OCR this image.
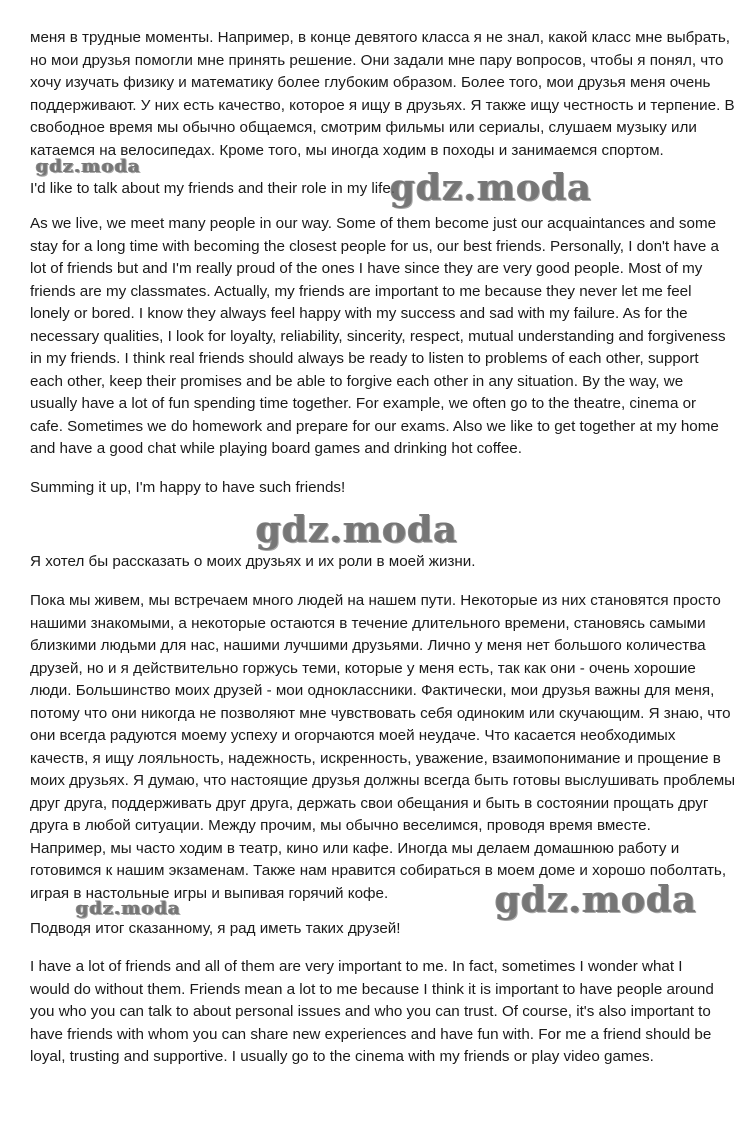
меня в трудные моменты. Например, в конце девятого класса я не знал, какой класс мне выбрать,
но мои друзья помогли мне принять решение. Они задали мне пару вопросов, чтобы я понял, что
хочу изучать физику и математику более глубоким образом. Более того, мои друзья меня очень
поддерживают. У них есть качество, которое я ищу в друзьях. Я также ищу честность и терпение. В
свободное время мы обычно общаемся, смотрим фильмы или сериалы, слушаем музыку или
катаемся на велосипедах. Кроме того, мы иногда ходим в походы и занимаемся спортом.

I'd like to talk about my friends and their role in my life.

As we live, we meet many people in our way. Some of them become just our acquaintances and some
stay for a long time with becoming the closest people for us, our best friends. Personally, I don't have a
lot of friends but and I'm really proud of the ones I have since they are very good people. Most of my
friends are my classmates. Actually, my friends are important to me because they never let me feel
lonely or bored. I know they always feel happy with my success and sad with my failure. As for the
necessary qualities, I look for loyalty, reliability, sincerity, respect, mutual understanding and forgiveness
in my friends. I think real friends should always be ready to listen to problems of each other, support
each other, keep their promises and be able to forgive each other in any situation. By the way, we
usually have a lot of fun spending time together. For example, we often go to the theatre, cinema or
cafe. Sometimes we do homework and prepare for our exams. Also we like to get together at my home
and have a good chat while playing board games and drinking hot coffee.

Summing it up, I'm happy to have such friends!

Я хотел бы рассказать о моих друзьях и их роли в моей жизни.

Пока мы живем, мы встречаем много людей на нашем пути. Некоторые из них становятся просто
нашими знакомыми, а некоторые остаются в течение длительного времени, становясь самыми
близкими людьми для нас, нашими лучшими друзьями. Лично у меня нет большого количества
друзей, но и я действительно горжусь теми, которые у меня есть, так как они - очень хорошие
люди. Большинство моих друзей - мои одноклассники. Фактически, мои друзья важны для меня,
потому что они никогда не позволяют мне чувствовать себя одиноким или скучающим. Я знаю, что
они всегда радуются моему успеху и огорчаются моей неудаче. Что касается необходимых
качеств, я ищу лояльность, надежность, искренность, уважение, взаимопонимание и прощение в
моих друзьях. Я думаю, что настоящие друзья должны всегда быть готовы выслушивать проблемы
друг друга, поддерживать друг друга, держать свои обещания и быть в состоянии прощать друг
друга в любой ситуации. Между прочим, мы обычно веселимся, проводя время вместе.
Например, мы часто ходим в театр, кино или кафе. Иногда мы делаем домашнюю работу и
готовимся к нашим экзаменам. Также нам нравится собираться в моем доме и хорошо поболтать,
играя в настольные игры и выпивая горячий кофе.

Подводя итог сказанному, я рад иметь таких друзей!

I have a lot of friends and all of them are very important to me. In fact, sometimes I wonder what I
would do without them. Friends mean a lot to me because I think it is important to have people around
you who you can talk to about personal issues and who you can trust. Of course, it's also important to
have friends with whom you can share new experiences and have fun with. For me a friend should be
loyal, trusting and supportive. I usually go to the cinema with my friends or play video games.

gdz.moda
gdz.moda
gdz.moda
gdz.moda	gdz.moda
